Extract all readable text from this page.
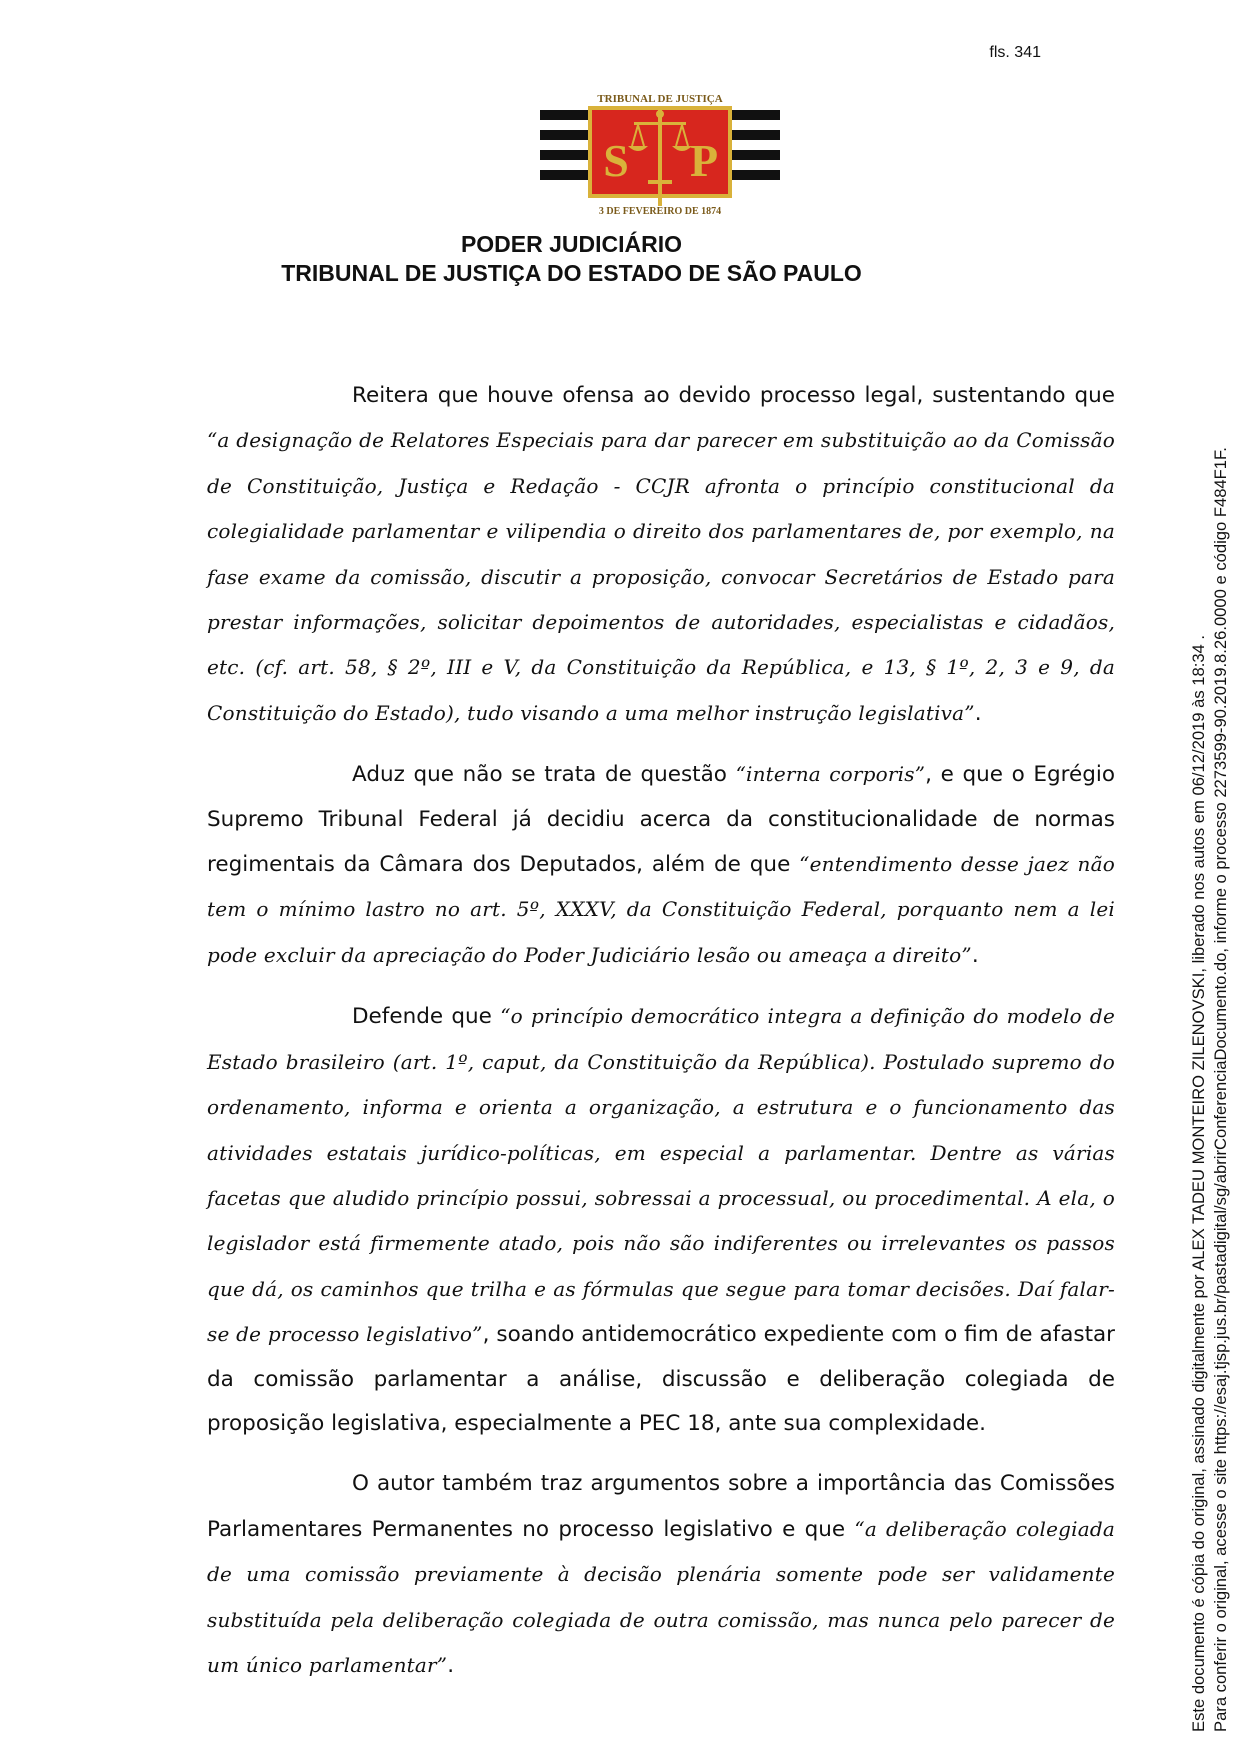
fls. 341
TRIBUNAL DE JUSTIÇA
3 DE FEVEREIRO DE 1874
S P
PODER JUDICIÁRIO
TRIBUNAL DE JUSTIÇA DO ESTADO DE SÃO PAULO

Reitera que houve ofensa ao devido processo legal, sustentando que “a designação de Relatores Especiais para dar parecer em substituição ao da Comissão de Constituição, Justiça e Redação - CCJR afronta o princípio constitucional da colegialidade parlamentar e vilipendia o direito dos parlamentares de, por exemplo, na fase exame da comissão, discutir a proposição, convocar Secretários de Estado para prestar informações, solicitar depoimentos de autoridades, especialistas e cidadãos, etc. (cf. art. 58, § 2º, III e V, da Constituição da República, e 13, § 1º, 2, 3 e 9, da Constituição do Estado), tudo visando a uma melhor instrução legislativa”.

Aduz que não se trata de questão “interna corporis”, e que o Egrégio Supremo Tribunal Federal já decidiu acerca da constitucionalidade de normas regimentais da Câmara dos Deputados, além de que “entendimento desse jaez não tem o mínimo lastro no art. 5º, XXXV, da Constituição Federal, porquanto nem a lei pode excluir da apreciação do Poder Judiciário lesão ou ameaça a direito”.

Defende que “o princípio democrático integra a definição do modelo de Estado brasileiro (art. 1º, caput, da Constituição da República). Postulado supremo do ordenamento, informa e orienta a organização, a estrutura e o funcionamento das atividades estatais jurídico-políticas, em especial a parlamentar. Dentre as várias facetas que aludido princípio possui, sobressai a processual, ou procedimental. A ela, o legislador está firmemente atado, pois não são indiferentes ou irrelevantes os passos que dá, os caminhos que trilha e as fórmulas que segue para tomar decisões. Daí falar-se de processo legislativo”, soando antidemocrático expediente com o fim de afastar da comissão parlamentar a análise, discussão e deliberação colegiada de proposição legislativa, especialmente a PEC 18, ante sua complexidade.

O autor também traz argumentos sobre a importância das Comissões Parlamentares Permanentes no processo legislativo e que “a deliberação colegiada de uma comissão previamente à decisão plenária somente pode ser validamente substituída pela deliberação colegiada de outra comissão, mas nunca pelo parecer de um único parlamentar”.	Este documento é cópia do original, assinado digitalmente por ALEX TADEU MONTEIRO ZILENOVSKI, liberado nos autos em 06/12/2019 às 18:34 . Para conferir o original, acesse o site https://esaj.tjsp.jus.br/pastadigital/sg/abrirConferenciaDocumento.do, informe o processo 2273599-90.2019.8.26.0000 e código F484F1F.
